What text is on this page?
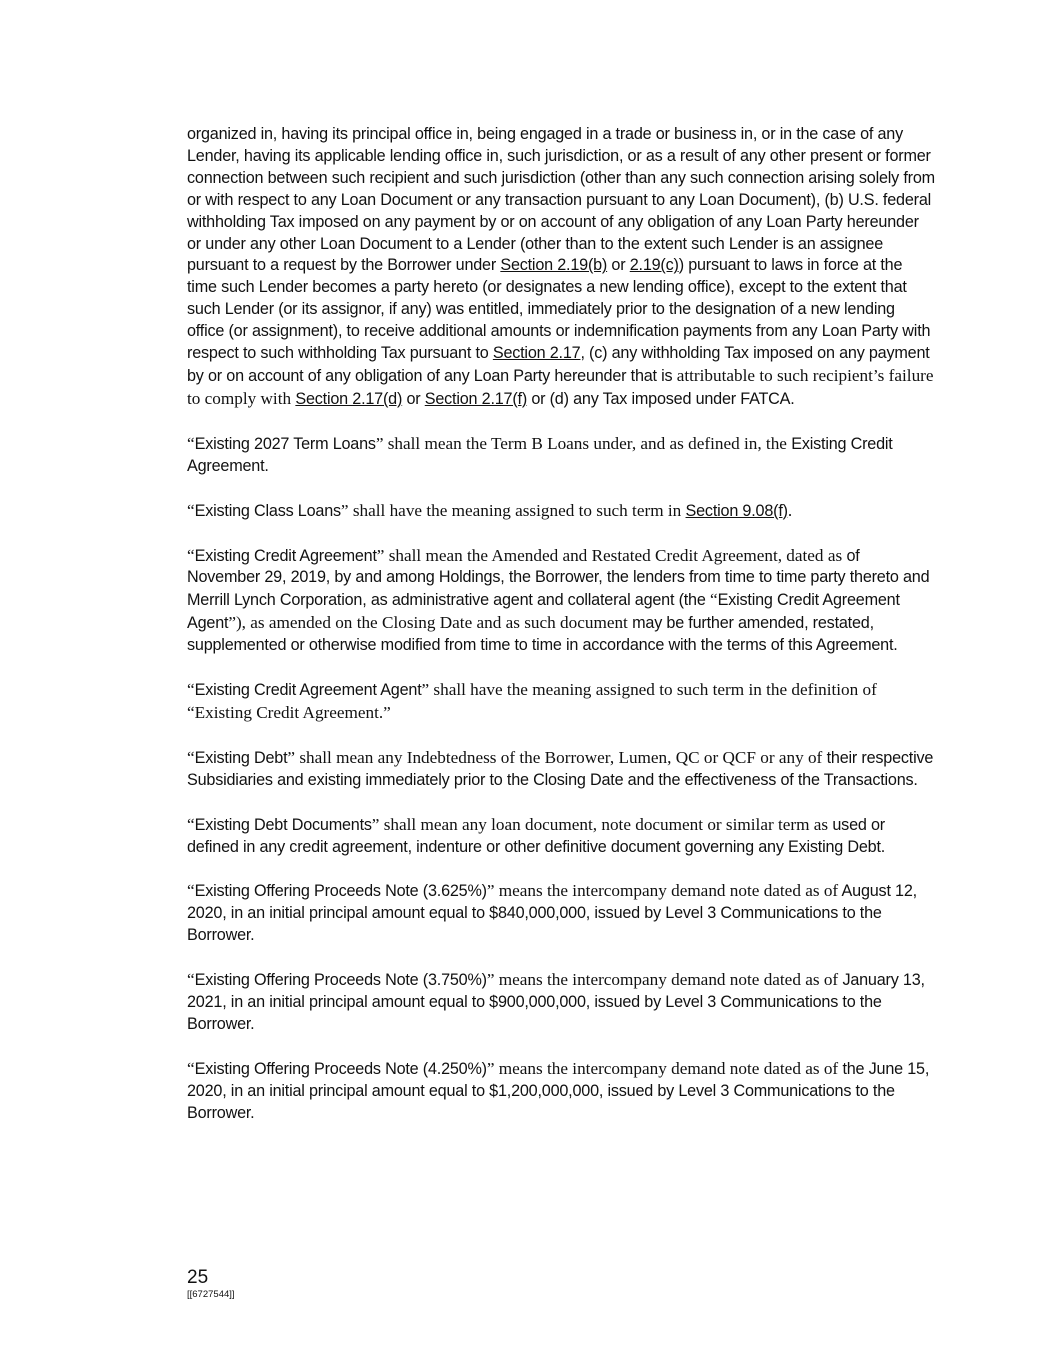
organized in, having its principal office in, being engaged in a trade or business in, or in the case of any Lender, having its applicable lending office in, such jurisdiction, or as a result of any other present or former connection between such recipient and such jurisdiction (other than any such connection arising solely from or with respect to any Loan Document or any transaction pursuant to any Loan Document), (b) U.S. federal withholding Tax imposed on any payment by or on account of any obligation of any Loan Party hereunder or under any other Loan Document to a Lender (other than to the extent such Lender is an assignee pursuant to a request by the Borrower under Section 2.19(b) or 2.19(c)) pursuant to laws in force at the time such Lender becomes a party hereto (or designates a new lending office), except to the extent that such Lender (or its assignor, if any) was entitled, immediately prior to the designation of a new lending office (or assignment), to receive additional amounts or indemnification payments from any Loan Party with respect to such withholding Tax pursuant to Section 2.17, (c) any withholding Tax imposed on any payment by or on account of any obligation of any Loan Party hereunder that is attributable to such recipient’s failure to comply with Section 2.17(d) or Section 2.17(f) or (d) any Tax imposed under FATCA.

“Existing 2027 Term Loans” shall mean the Term B Loans under, and as defined in, the Existing Credit Agreement.

“Existing Class Loans” shall have the meaning assigned to such term in Section 9.08(f).

“Existing Credit Agreement” shall mean the Amended and Restated Credit Agreement, dated as of November 29, 2019, by and among Holdings, the Borrower, the lenders from time to time party thereto and Merrill Lynch Corporation, as administrative agent and collateral agent (the “Existing Credit Agreement Agent”), as amended on the Closing Date and as such document may be further amended, restated, supplemented or otherwise modified from time to time in accordance with the terms of this Agreement.

“Existing Credit Agreement Agent” shall have the meaning assigned to such term in the definition of “Existing Credit Agreement.”

“Existing Debt” shall mean any Indebtedness of the Borrower, Lumen, QC or QCF or any of their respective Subsidiaries and existing immediately prior to the Closing Date and the effectiveness of the Transactions.

“Existing Debt Documents” shall mean any loan document, note document or similar term as used or defined in any credit agreement, indenture or other definitive document governing any Existing Debt.

“Existing Offering Proceeds Note (3.625%)” means the intercompany demand note dated as of August 12, 2020, in an initial principal amount equal to $840,000,000, issued by Level 3 Communications to the Borrower.

“Existing Offering Proceeds Note (3.750%)” means the intercompany demand note dated as of January 13, 2021, in an initial principal amount equal to $900,000,000, issued by Level 3 Communications to the Borrower.

“Existing Offering Proceeds Note (4.250%)” means the intercompany demand note dated as of the June 15, 2020, in an initial principal amount equal to $1,200,000,000, issued by Level 3 Communications to the Borrower.

25
[[6727544]]
